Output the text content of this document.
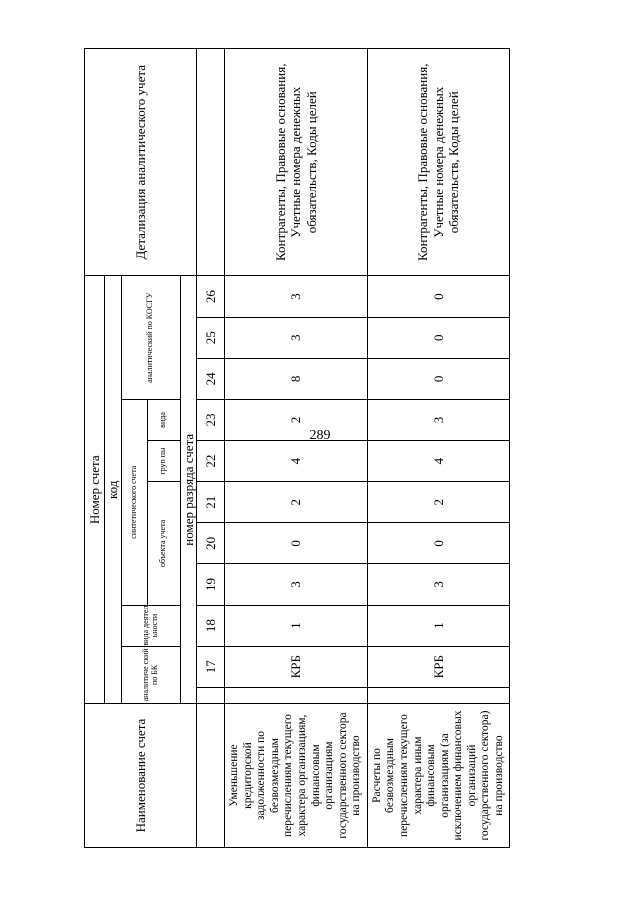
289
Наименование счета	Номер счета											Детализация аналитического учета
	код											
	аналитиче ский по БК		вида деятел ьности	синтетического счета					аналитический по КОСГУ			
				объекта учета			груп пы	вида				
	номер разряда счета											
		17	18	19	20	21	22	23	24	25	26	
Уменьшение кредиторской задолженности по безвозмездным перечислениям текущего характера организациям, финансовым организациям государственного сектора на производство		КРБ	1	3	0	2	4	2	8	3	3	Контрагенты, Правовые основания, Учетные номера денежных обязательств, Коды целей
Расчеты по безвозмездным перечислениям текущего характера иным финансовым организациям (за исключением финансовых организаций государственного сектора) на производство		КРБ	1	3	0	2	4	3	0	0	0	Контрагенты, Правовые основания, Учетные номера денежных обязательств, Коды целей
